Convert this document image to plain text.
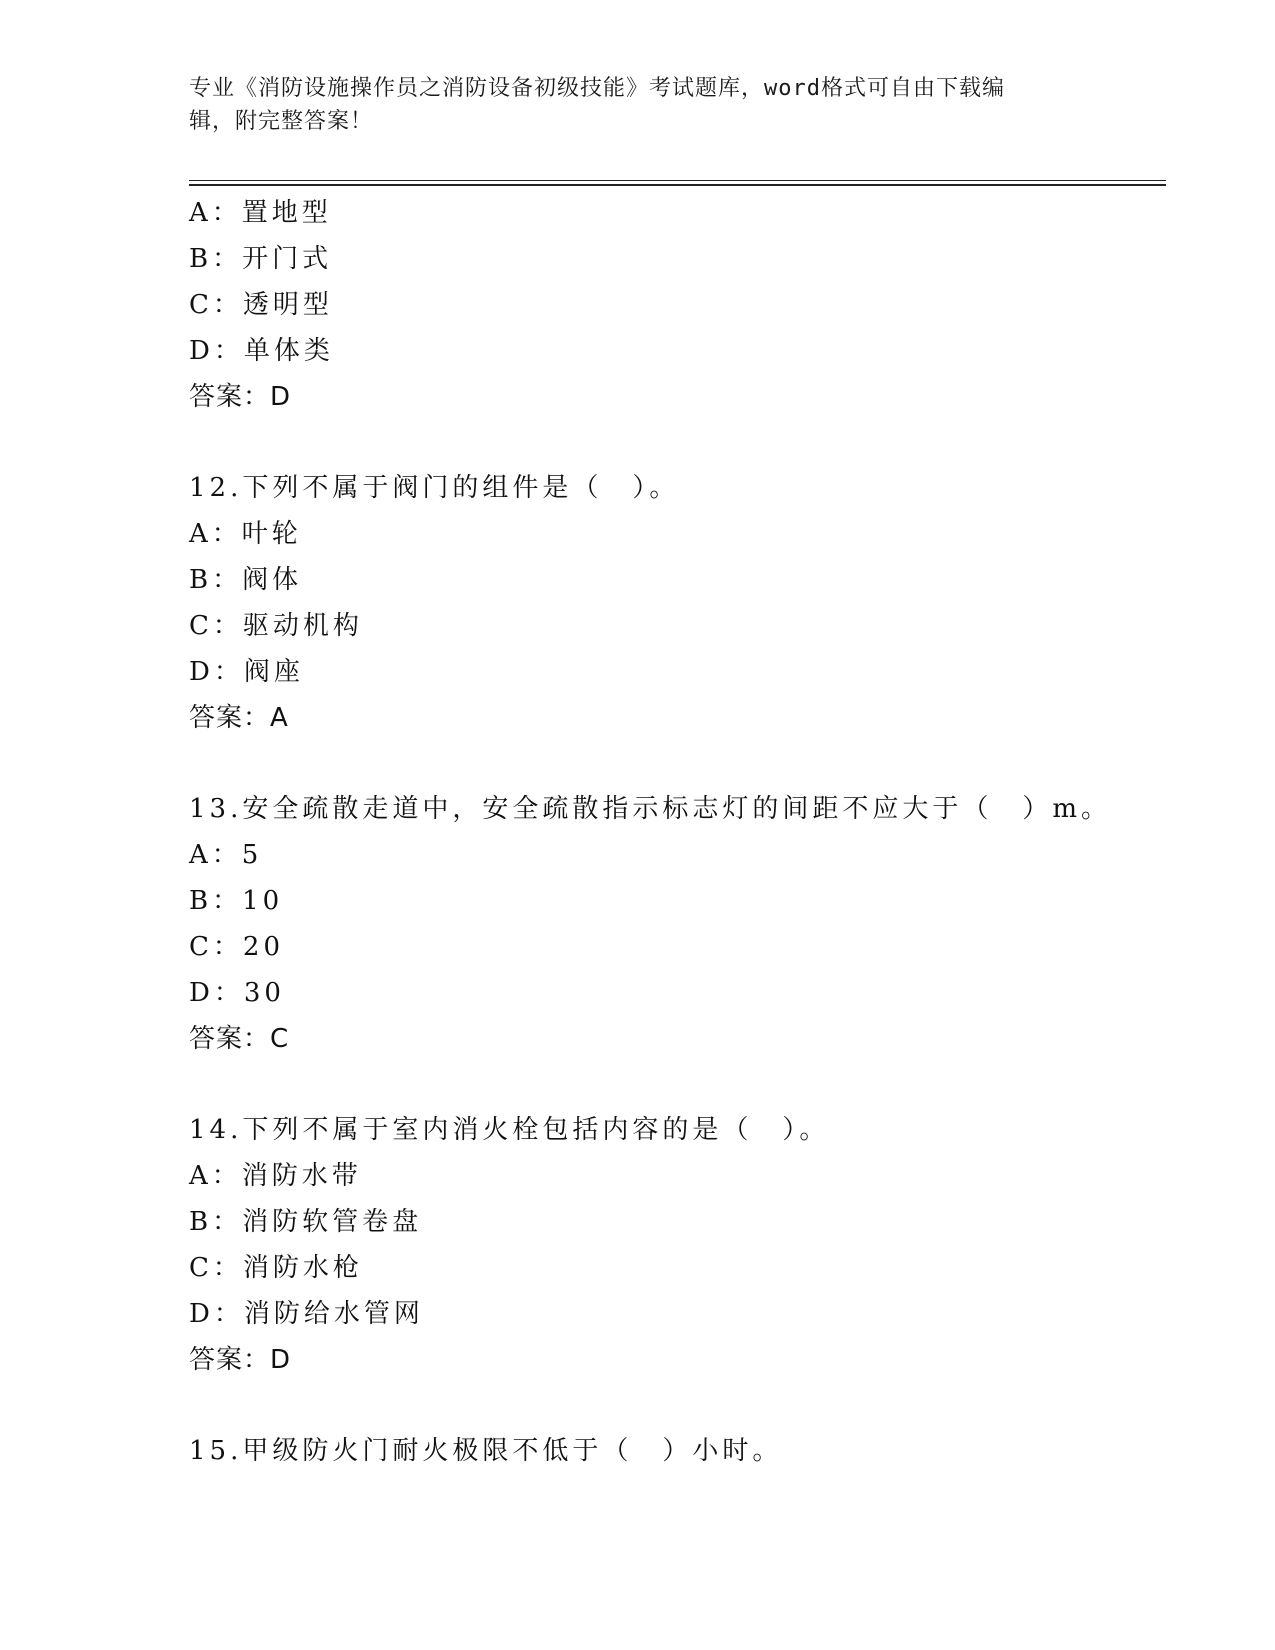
专业《消防设施操作员之消防设备初级技能》考试题库，word格式可自由下载编
辑，附完整答案！
A：置地型
B：开门式
C：透明型
D：单体类
答案：D
12.下列不属于阀门的组件是（　）。
A：叶轮
B：阀体
C：驱动机构
D：阀座
答案：A
13.安全疏散走道中，安全疏散指示标志灯的间距不应大于（　）m。
A：5
B：10
C：20
D：30
答案：C
14.下列不属于室内消火栓包括内容的是（　）。
A：消防水带
B：消防软管卷盘
C：消防水枪
D：消防给水管网
答案：D
15.甲级防火门耐火极限不低于（　）小时。
